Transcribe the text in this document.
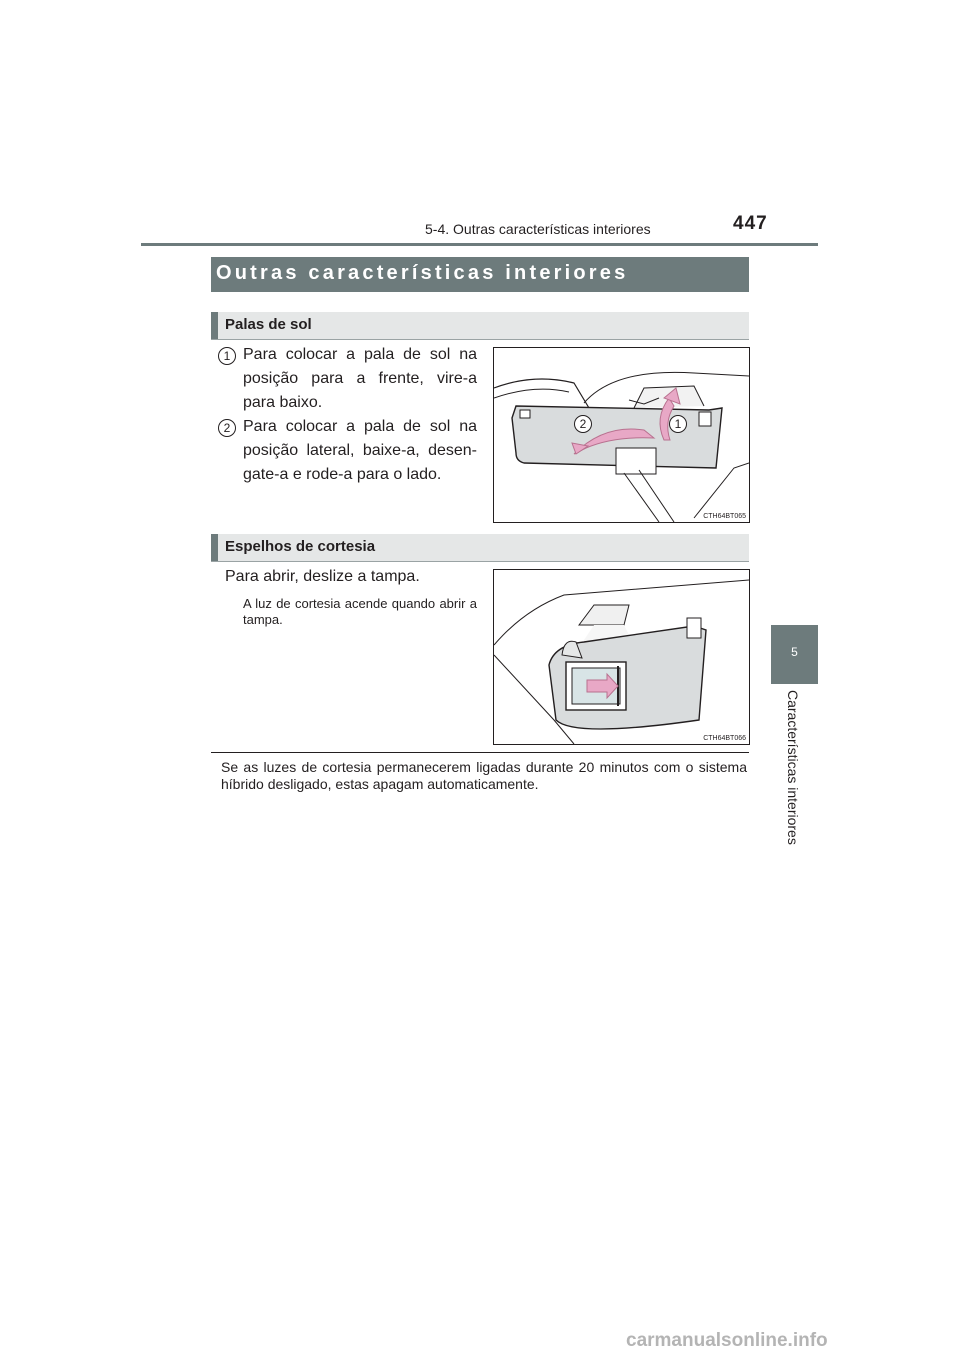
5-4. Outras características interiores	447
5
Características interiores
Outras características interiores
Palas de sol
1 Para colocar a pala de sol na posição para a frente, vire-a para baixo.
2 Para colocar a pala de sol na posição lateral, baixe-a, desen-gate-a e rode-a para o lado.
2	1
CTH64BT065
Espelhos de cortesia
Para abrir, deslize a tampa.
A luz de cortesia acende quando abrir a tampa.
CTH64BT066
Se as luzes de cortesia permanecerem ligadas durante 20 minutos com o sistema híbrido desligado, estas apagam automaticamente.
carmanualsonline.info
